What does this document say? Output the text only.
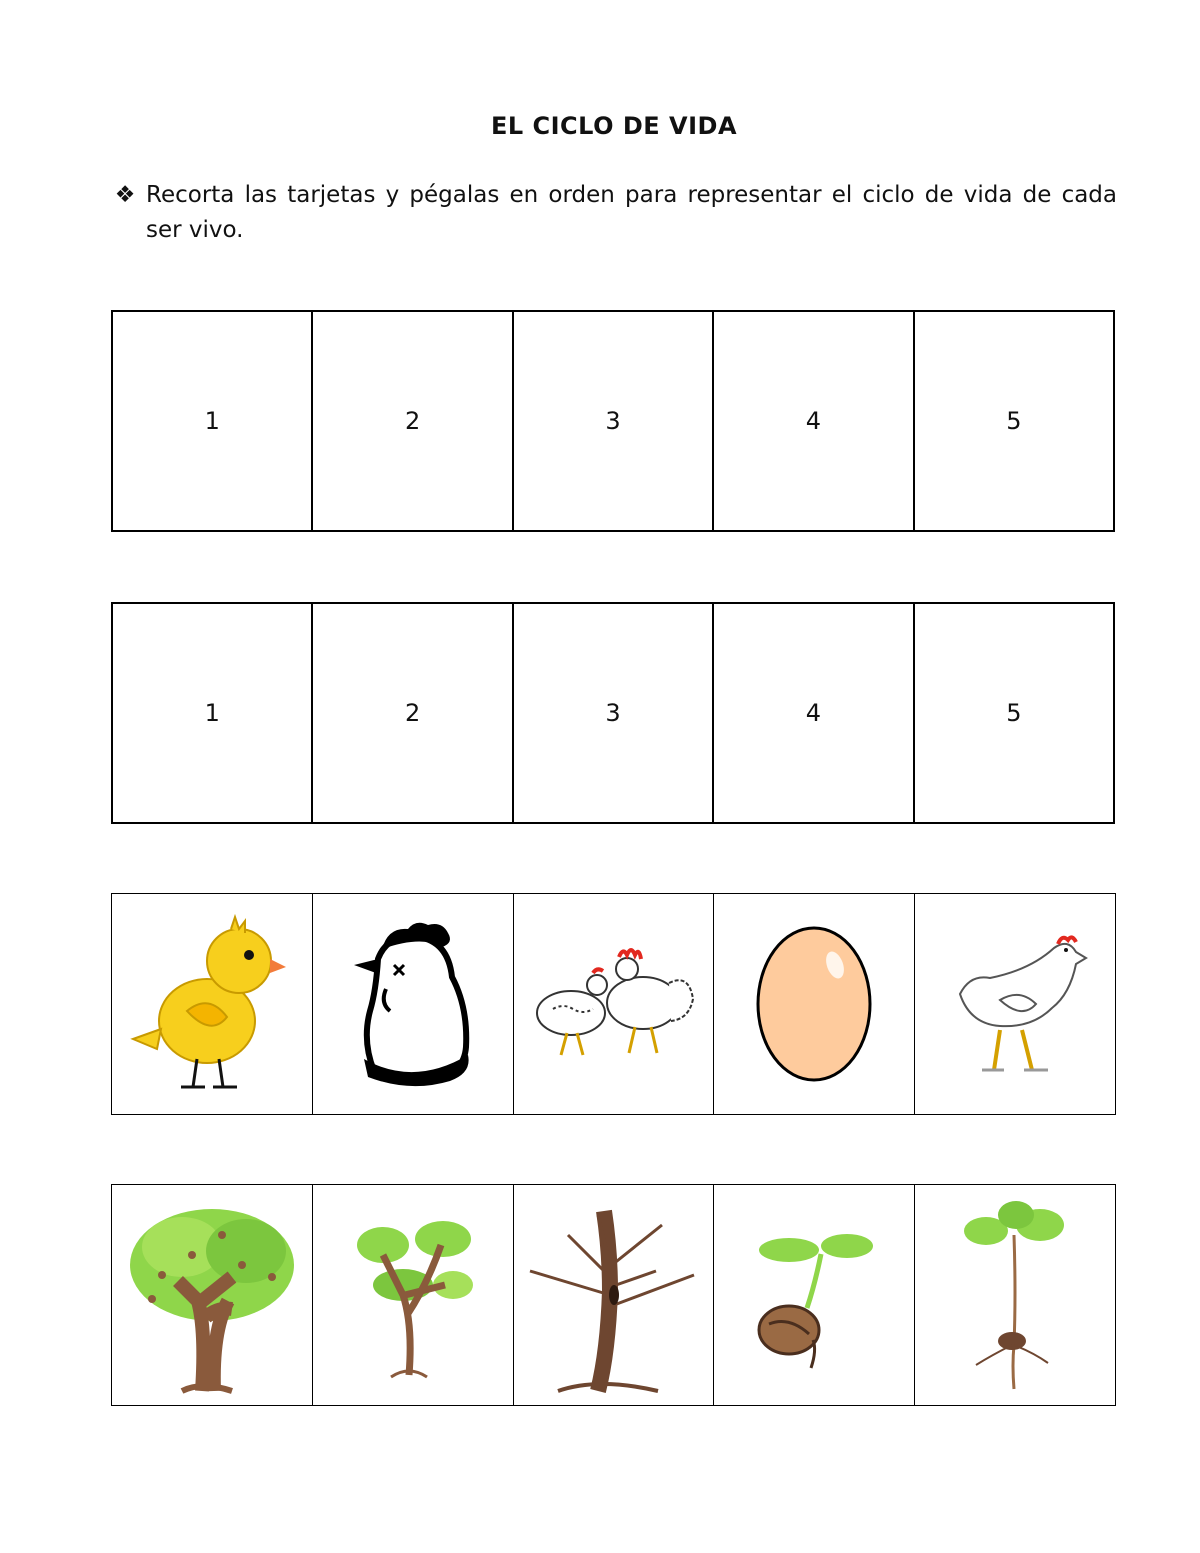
EL CICLO DE VIDA
❖ Recorta las tarjetas y pégalas en orden para representar el ciclo de vida de cada ser vivo.
1	2	3	4	5
1	2	3	4	5
